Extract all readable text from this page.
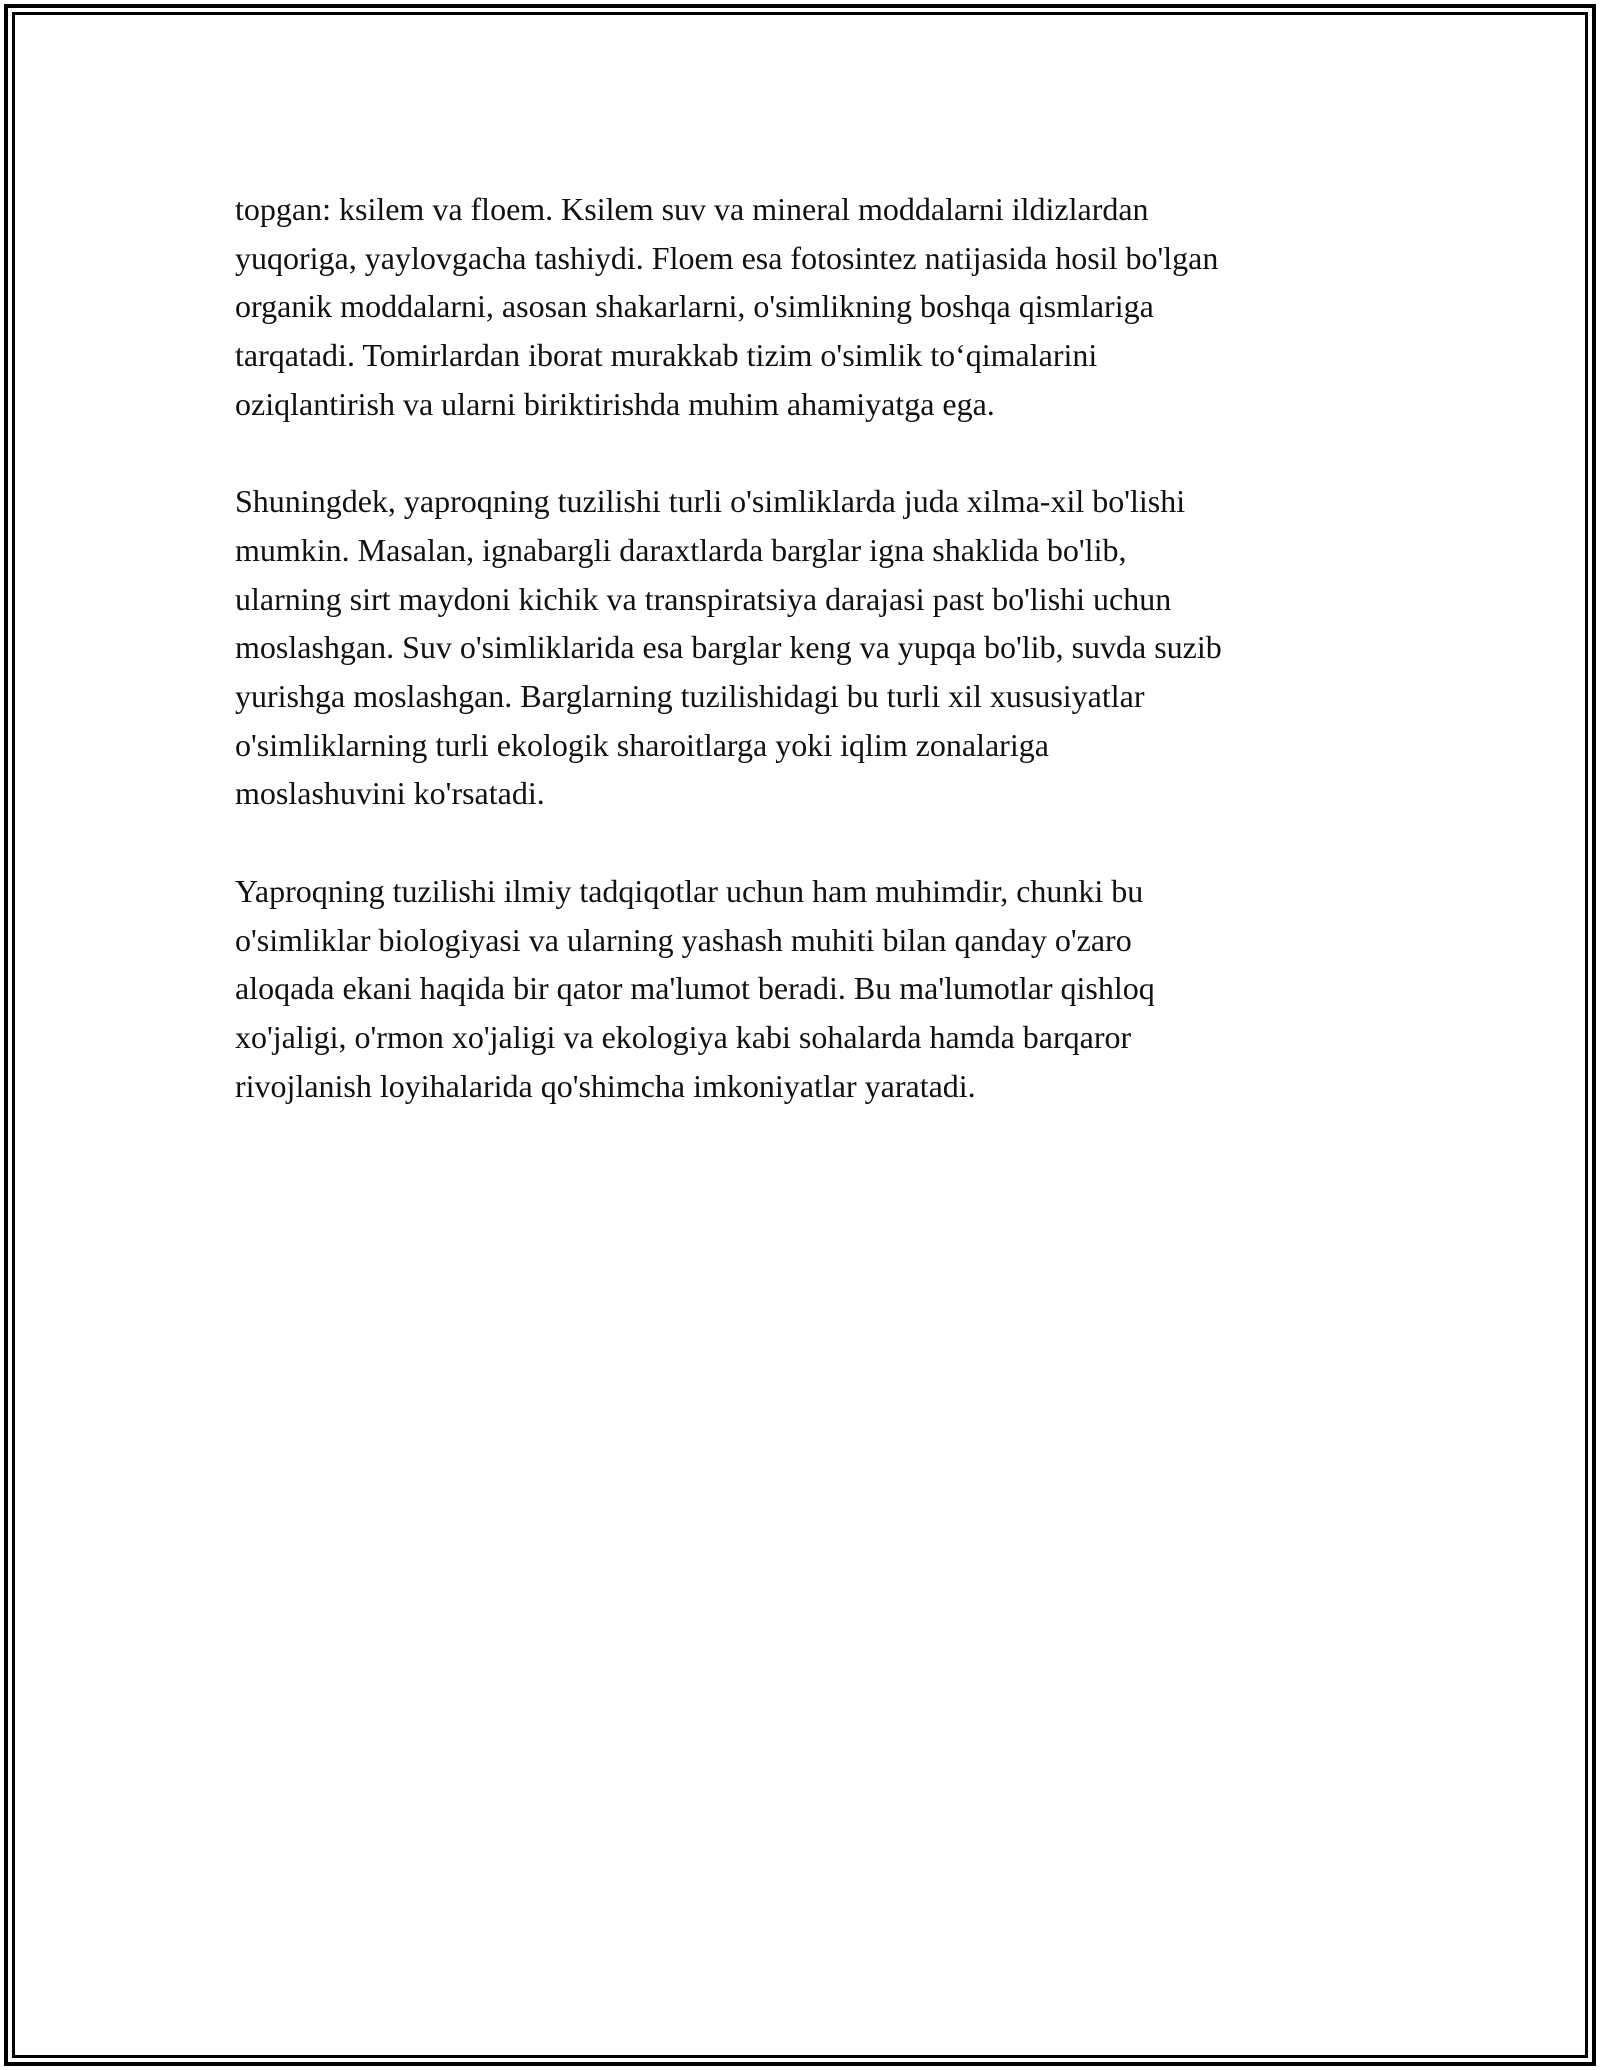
topgan: ksilem va floem. Ksilem suv va mineral moddalarni ildizlardan
yuqoriga, yaylovgacha tashiydi. Floem esa fotosintez natijasida hosil bo'lgan
organik moddalarni, asosan shakarlarni, o'simlikning boshqa qismlariga
tarqatadi. Tomirlardan iborat murakkab tizim o'simlik to‘qimalarini
oziqlantirish va ularni biriktirishda muhim ahamiyatga ega.

Shuningdek, yaproqning tuzilishi turli o'simliklarda juda xilma-xil bo'lishi
mumkin. Masalan, ignabargli daraxtlarda barglar igna shaklida bo'lib,
ularning sirt maydoni kichik va transpiratsiya darajasi past bo'lishi uchun
moslashgan. Suv o'simliklarida esa barglar keng va yupqa bo'lib, suvda suzib
yurishga moslashgan. Barglarning tuzilishidagi bu turli xil xususiyatlar
o'simliklarning turli ekologik sharoitlarga yoki iqlim zonalariga
moslashuvini ko'rsatadi.

Yaproqning tuzilishi ilmiy tadqiqotlar uchun ham muhimdir, chunki bu
o'simliklar biologiyasi va ularning yashash muhiti bilan qanday o'zaro
aloqada ekani haqida bir qator ma'lumot beradi. Bu ma'lumotlar qishloq
xo'jaligi, o'rmon xo'jaligi va ekologiya kabi sohalarda hamda barqaror
rivojlanish loyihalarida qo'shimcha imkoniyatlar yaratadi.
